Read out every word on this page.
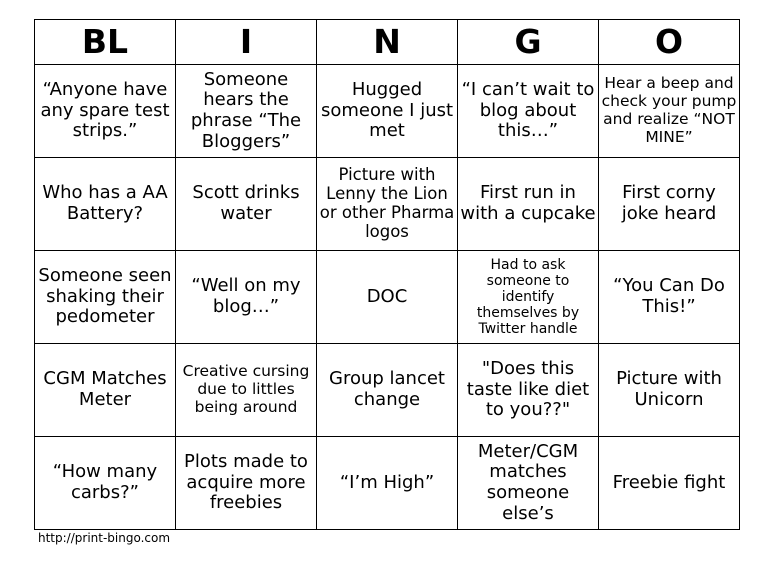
BL	I	N	G	O
“Anyone have any spare test strips.”	Someone hears the phrase “The Bloggers”	Hugged someone I just met	“I can’t wait to blog about this…”	Hear a beep and check your pump and realize “NOT MINE”
Who has a AA Battery?	Scott drinks water	Picture with Lenny the Lion or other Pharma logos	First run in with a cupcake	First corny joke heard
Someone seen shaking their pedometer	“Well on my blog…”	DOC	Had to ask someone to identify themselves by Twitter handle	“You Can Do This!”
CGM Matches Meter	Creative cursing due to littles being around	Group lancet change	"Does this taste like diet to you??"	Picture with Unicorn
“How many carbs?”	Plots made to acquire more freebies	“I’m High”	Meter/CGM matches someone else’s	Freebie fight
http://print-bingo.com
